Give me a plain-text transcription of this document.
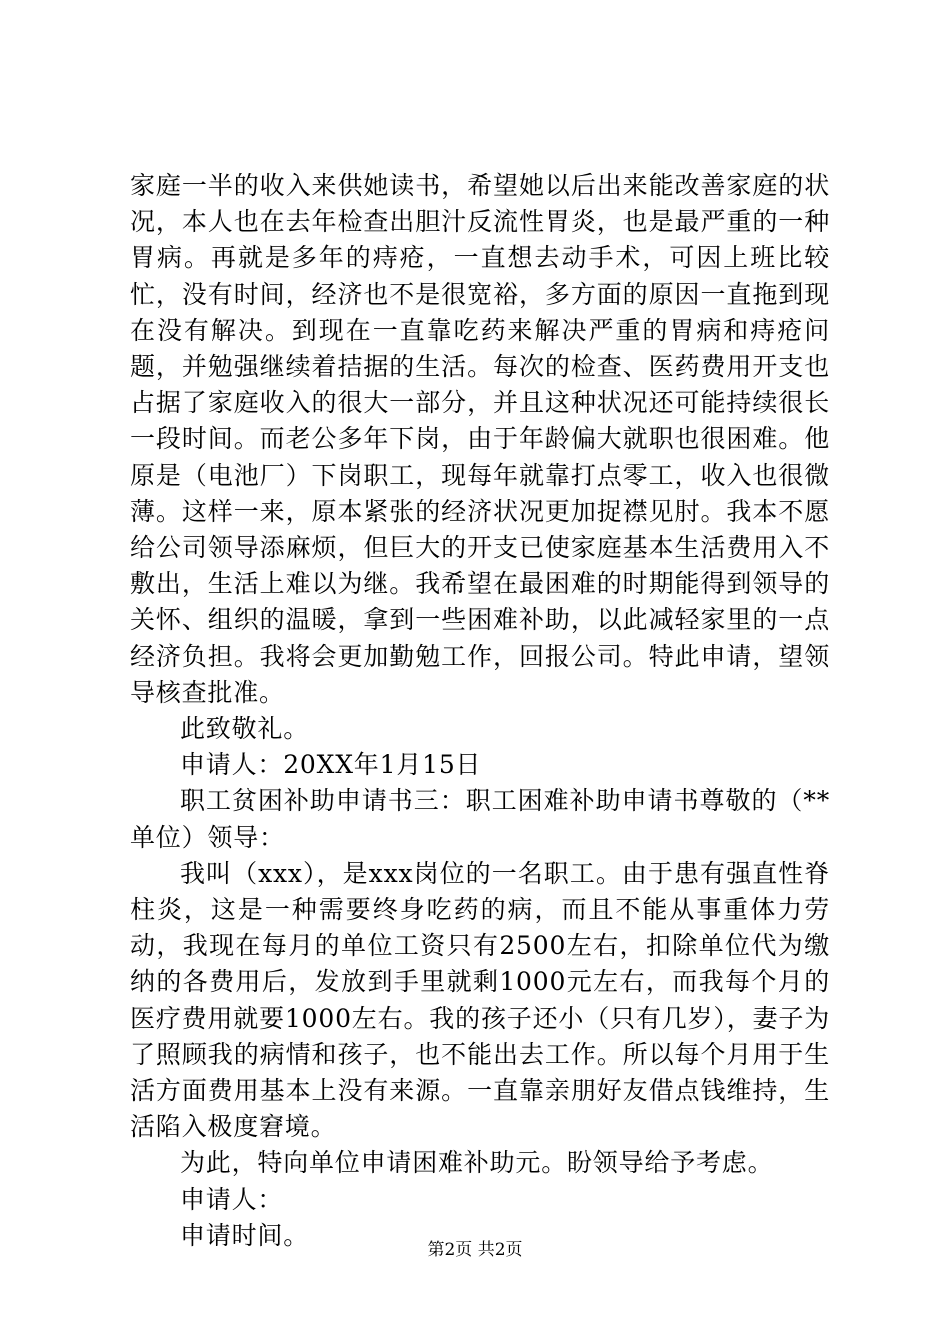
家庭一半的收入来供她读书，希望她以后出来能改善家庭的状况，本人也在去年检查出胆汁反流性胃炎，也是最严重的一种胃病。再就是多年的痔疮，一直想去动手术，可因上班比较忙，没有时间，经济也不是很宽裕，多方面的原因一直拖到现在没有解决。到现在一直靠吃药来解决严重的胃病和痔疮问题，并勉强继续着拮据的生活。每次的检查、医药费用开支也占据了家庭收入的很大一部分，并且这种状况还可能持续很长一段时间。而老公多年下岗，由于年龄偏大就职也很困难。他原是（电池厂）下岗职工，现每年就靠打点零工，收入也很微薄。这样一来，原本紧张的经济状况更加捉襟见肘。我本不愿给公司领导添麻烦，但巨大的开支已使家庭基本生活费用入不敷出，生活上难以为继。我希望在最困难的时期能得到领导的关怀、组织的温暖，拿到一些困难补助，以此减轻家里的一点经济负担。我将会更加勤勉工作，回报公司。特此申请，望领导核查批准。

此致敬礼。

申请人：20XX年1月15日

职工贫困补助申请书三：职工困难补助申请书尊敬的（**单位）领导：

我叫（xxx），是xxx岗位的一名职工。由于患有强直性脊柱炎，这是一种需要终身吃药的病，而且不能从事重体力劳动，我现在每月的单位工资只有2500左右，扣除单位代为缴纳的各费用后，发放到手里就剩1000元左右，而我每个月的医疗费用就要1000左右。我的孩子还小（只有几岁），妻子为了照顾我的病情和孩子，也不能出去工作。所以每个月用于生活方面费用基本上没有来源。一直靠亲朋好友借点钱维持，生活陷入极度窘境。

为此，特向单位申请困难补助元。盼领导给予考虑。

申请人：

申请时间。

第2页 共2页
